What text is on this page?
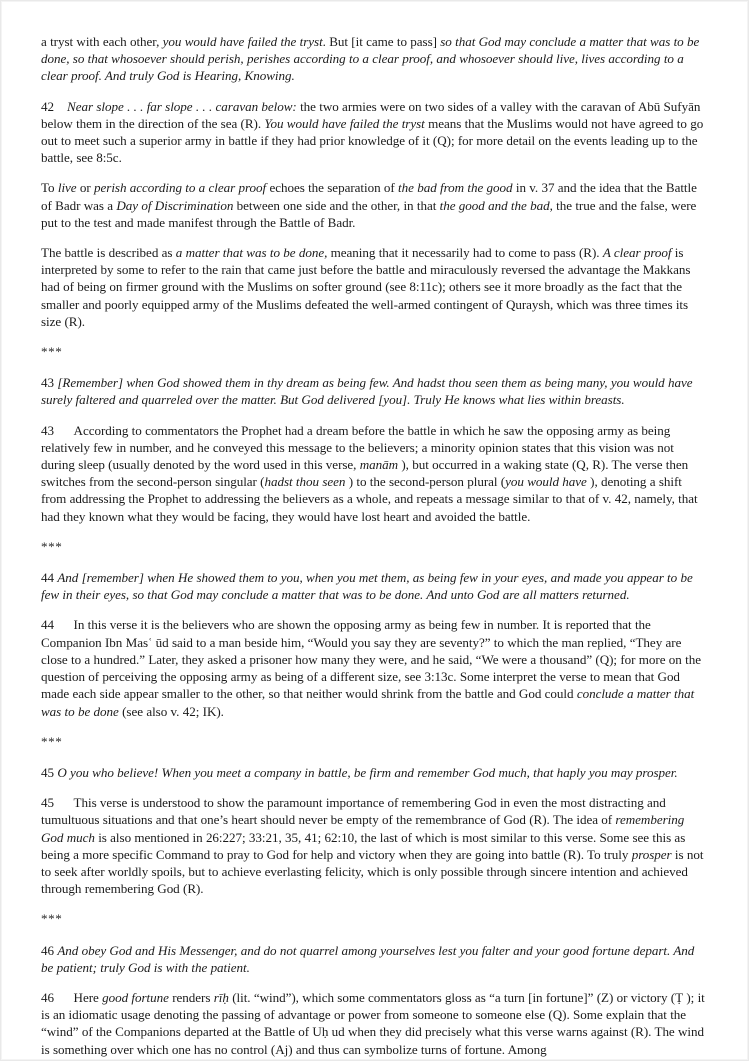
a tryst with each other, you would have failed the tryst. But [it came to pass] so that God may conclude a matter that was to be done, so that whosoever should perish, perishes according to a clear proof, and whosoever should live, lives according to a clear proof. And truly God is Hearing, Knowing.

42 Near slope . . . far slope . . . caravan below: the two armies were on two sides of a valley with the caravan of Abū Sufyān below them in the direction of the sea (R). You would have failed the tryst means that the Muslims would not have agreed to go out to meet such a superior army in battle if they had prior knowledge of it (Q); for more detail on the events leading up to the battle, see 8:5c.

To live or perish according to a clear proof echoes the separation of the bad from the good in v. 37 and the idea that the Battle of Badr was a Day of Discrimination between one side and the other, in that the good and the bad, the true and the false, were put to the test and made manifest through the Battle of Badr.

The battle is described as a matter that was to be done, meaning that it necessarily had to come to pass (R). A clear proof is interpreted by some to refer to the rain that came just before the battle and miraculously reversed the advantage the Makkans had of being on firmer ground with the Muslims on softer ground (see 8:11c); others see it more broadly as the fact that the smaller and poorly equipped army of the Muslims defeated the well-armed contingent of Quraysh, which was three times its size (R).

***

43 [Remember] when God showed them in thy dream as being few. And hadst thou seen them as being many, you would have surely faltered and quarreled over the matter. But God delivered [you]. Truly He knows what lies within breasts.

43  According to commentators the Prophet had a dream before the battle in which he saw the opposing army as being relatively few in number, and he conveyed this message to the believers; a minority opinion states that this vision was not during sleep (usually denoted by the word used in this verse, manām ), but occurred in a waking state (Q, R). The verse then switches from the second-person singular (hadst thou seen ) to the second-person plural (you would have ), denoting a shift from addressing the Prophet to addressing the believers as a whole, and repeats a message similar to that of v. 42, namely, that had they known what they would be facing, they would have lost heart and avoided the battle.

***

44 And [remember] when He showed them to you, when you met them, as being few in your eyes, and made you appear to be few in their eyes, so that God may conclude a matter that was to be done. And unto God are all matters returned.

44  In this verse it is the believers who are shown the opposing army as being few in number. It is reported that the Companion Ibn Masʿ ūd said to a man beside him, “Would you say they are seventy?” to which the man replied, “They are close to a hundred.” Later, they asked a prisoner how many they were, and he said, “We were a thousand” (Q); for more on the question of perceiving the opposing army as being of a different size, see 3:13c. Some interpret the verse to mean that God made each side appear smaller to the other, so that neither would shrink from the battle and God could conclude a matter that was to be done (see also v. 42; IK).

***

45 O you who believe! When you meet a company in battle, be firm and remember God much, that haply you may prosper.

45  This verse is understood to show the paramount importance of remembering God in even the most distracting and tumultuous situations and that one’s heart should never be empty of the remembrance of God (R). The idea of remembering God much is also mentioned in 26:227; 33:21, 35, 41; 62:10, the last of which is most similar to this verse. Some see this as being a more specific Command to pray to God for help and victory when they are going into battle (R). To truly prosper is not to seek after worldly spoils, but to achieve everlasting felicity, which is only possible through sincere intention and achieved through remembering God (R).

***

46 And obey God and His Messenger, and do not quarrel among yourselves lest you falter and your good fortune depart. And be patient; truly God is with the patient.

46  Here good fortune renders rīḥ (lit. “wind”), which some commentators gloss as “a turn [in fortune]” (Z) or victory (Ṭ ); it is an idiomatic usage denoting the passing of advantage or power from someone to someone else (Q). Some explain that the “wind” of the Companions departed at the Battle of Uḥ ud when they did precisely what this verse warns against (R). The wind is something over which one has no control (Aj) and thus can symbolize turns of fortune. Among
